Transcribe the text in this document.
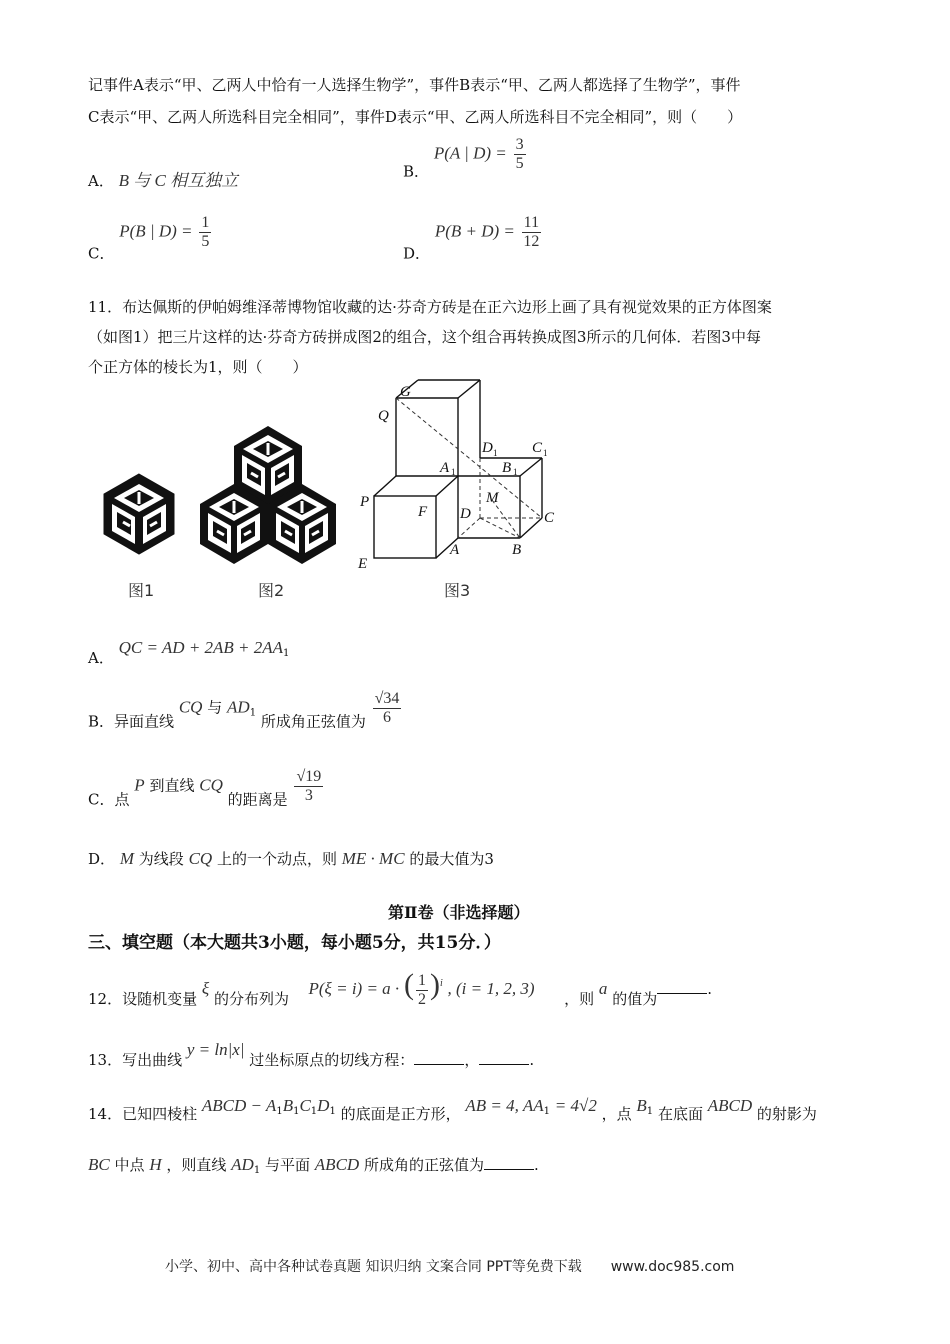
记事件A表示“甲、乙两人中恰有一人选择生物学”，事件B表示“甲、乙两人都选择了生物学”，事件
C表示“甲、乙两人所选科目完全相同”，事件D表示“甲、乙两人所选科目不完全相同”，则（　　）
A． B 与 C 相互独立	B． P(A | $D) = \frac{3}{5}$
C． P(B | $D) = \frac{1}{5}$
D． $P(B + D) = \frac{11}{12}$
11．布达佩斯的伊帕姆维泽蒂博物馆收藏的达·芬奇方砖是在正六边形上画了具有视觉效果的正方体图案
（如图1）把三片这样的达·芬奇方砖拼成图2的组合，这个组合再转换成图3所示的几何体．若图3中每
个正方体的棱长为1，则（　　）
图1	图2
G
Q
D	C
A	B
P
F
M
D	C
E
A	B
1	1
1	1
图3
A． QC = AD + $2AB + 2AA_1$
B．异面直线 CQ 与 $AD_1$ 所成角正弦值为 $\frac{√34}{6}$
C．点 P 到直线 CQ 的距离是 $\frac{√19}{3}$
D． M 为线段 CQ 上的一个动点，则 ME · MC 的最大值为3
第Ⅱ卷（非选择题）
三、填空题（本大题共3小题，每小题5分，共15分．）
12．设随机变量 ξ 的分布列为  P(ξ = i) = a · ( $\frac{1}{2} )^i$ , (i = 1, 2, 3)  ，则 a 的值为.
13．写出曲线 y = ln|x| 过坐标原点的切线方程：	，	.
14．已知四棱柱 ABCD − $A_1B_1C_1D_1$ 的底面是正方形， AB = 4, $AA_1 = 4√2$ ，点 $B_1$ 在底面 ABCD 的射影为
BC 中点 H ，则直线 $AD_1$ 与平面 ABCD 所成角的正弦值为	.
小学、初中、高中各种试卷真题 知识归纳 文案合同 PPT等免费下载 www.doc985.com
